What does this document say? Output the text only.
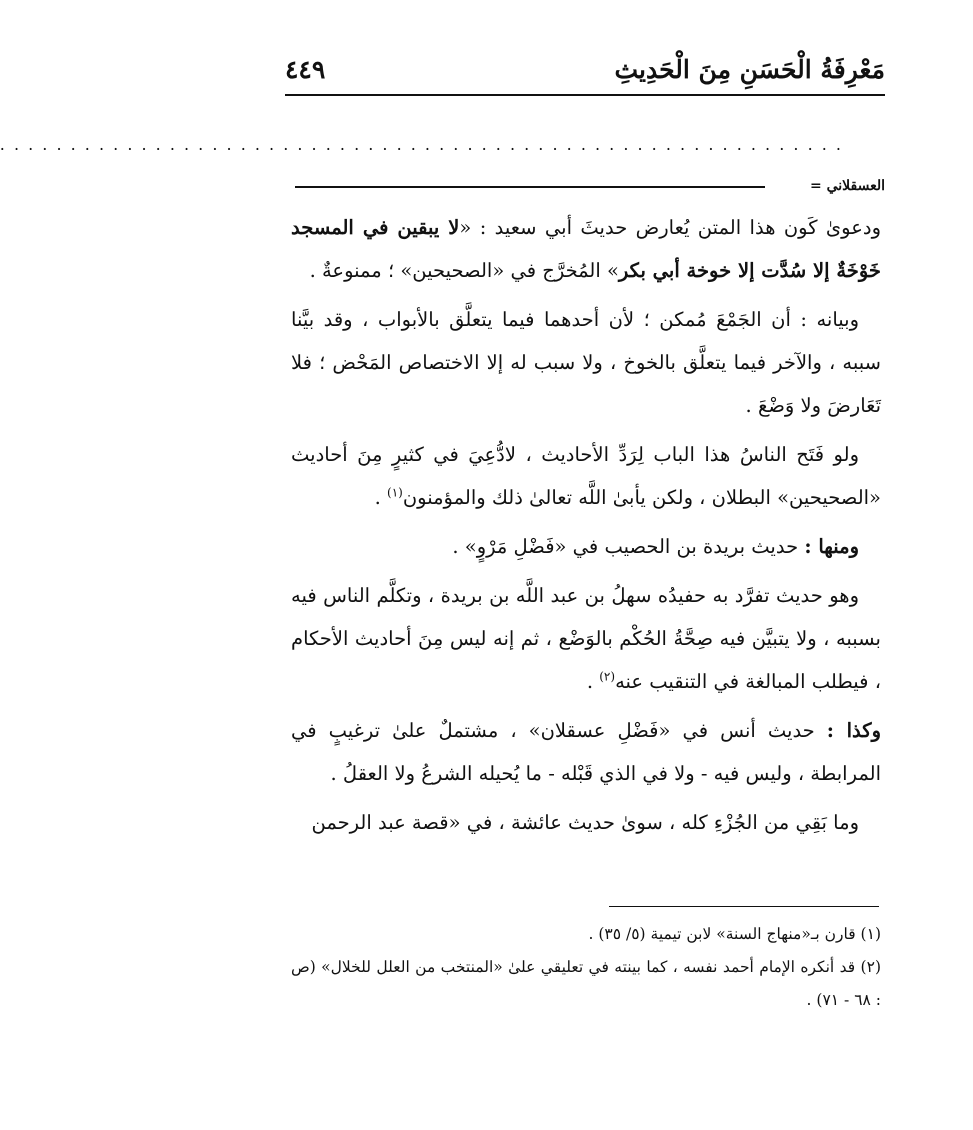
مَعْرِفَةُ الْحَسَنِ مِنَ الْحَدِيثِ
٤٤٩
. . . . . . . . . . . . . . . . . . . . . . . . . . . . . . . . . . . . . . . . . . . . . . . . . . . . . . . . . . . .
العسقلاني =

ودعوىٰ كَون هذا المتن يُعارض حديثَ أبي سعيد : «لا يبقين في المسجد خَوْخَةٌ إلا سُدَّت إلا خوخة أبي بكر» المُخرَّج في «الصحيحين» ؛ ممنوعةٌ .

وبيانه : أن الجَمْعَ مُمكن ؛ لأن أحدهما فيما يتعلَّق بالأبواب ، وقد بيَّنا سببه ، والآخر فيما يتعلَّق بالخوخ ، ولا سبب له إلا الاختصاص المَحْض ؛ فلا تَعَارضَ ولا وَضْعَ .

ولو فَتَح الناسُ هذا الباب لِرَدِّ الأحاديث ، لادُّعِيَ في كثيرٍ مِنَ أحاديث «الصحيحين» البطلان ، ولكن يأبىٰ اللَّه تعالىٰ ذلك والمؤمنون$^{(١)}$ .

ومنها : حديث بريدة بن الحصيب في «فَضْلِ مَرْوٍ» .

وهو حديث تفرَّد به حفيدُه سهلُ بن عبد اللَّه بن بريدة ، وتكلَّم الناس فيه بسببه ، ولا يتبيَّن فيه صِحَّةُ الحُكْم بالوَضْع ، ثم إنه ليس مِنَ أحاديث الأحكام ، فيطلب المبالغة في التنقيب عنه$^{(٢)}$ .

وكذا : حديث أنس في «فَضْلِ عسقلان» ، مشتملٌ علىٰ ترغيبٍ في المرابطة ، وليس فيه - ولا في الذي قَبْله - ما يُحيله الشرعُ ولا العقلُ .

وما بَقِي من الجُزْءِ كله ، سوىٰ حديث عائشة ، في «قصة عبد الرحمن

(١) قارن بـ«منهاج السنة» لابن تيمية (٥/ ٣٥) .

(٢) قد أنكره الإمام أحمد نفسه ، كما بينته في تعليقي علىٰ «المنتخب من العلل للخلال» (ص : ٦٨ - ٧١) .
